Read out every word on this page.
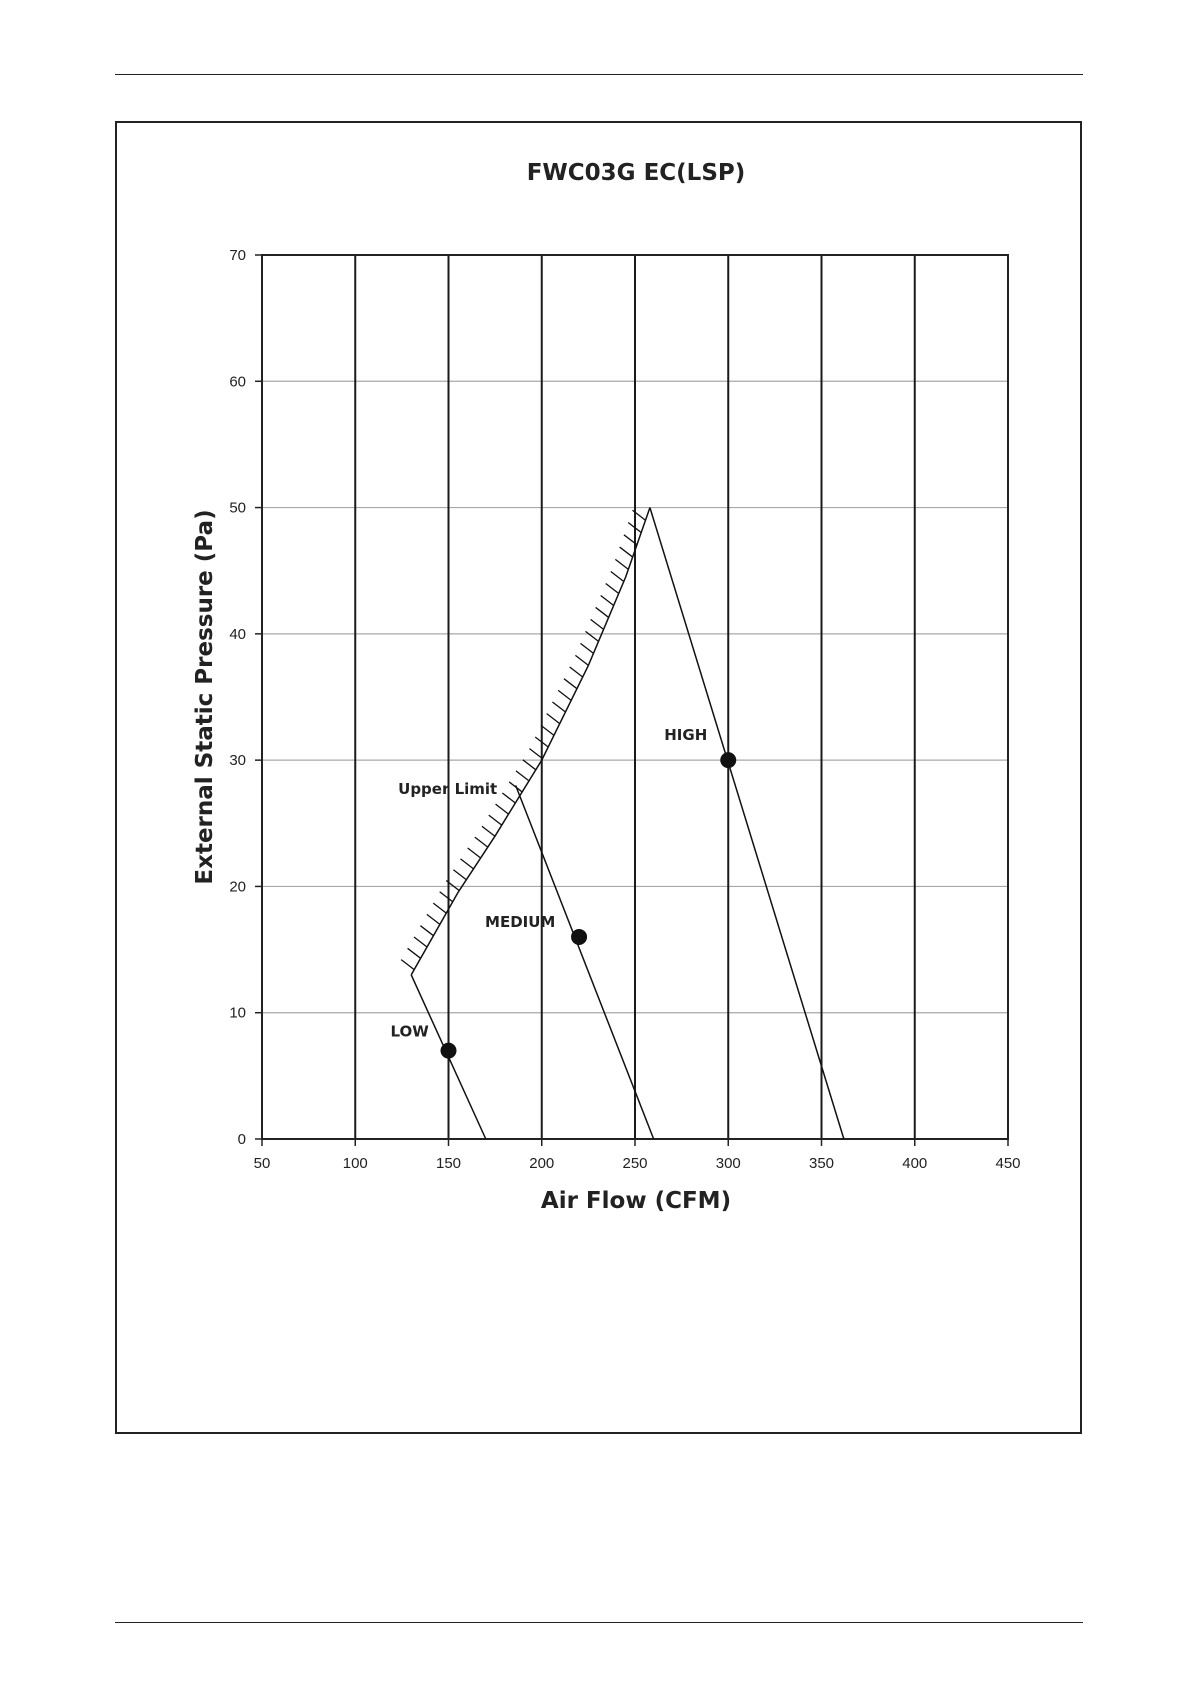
50	100	150	200	250	300	350	400	450
0
10
20
30
40
50
60
70
LOW
MEDIUM
HIGH
Upper Limit
FWC03G EC(LSP)
Air Flow (CFM)
External Static Pressure (Pa)
